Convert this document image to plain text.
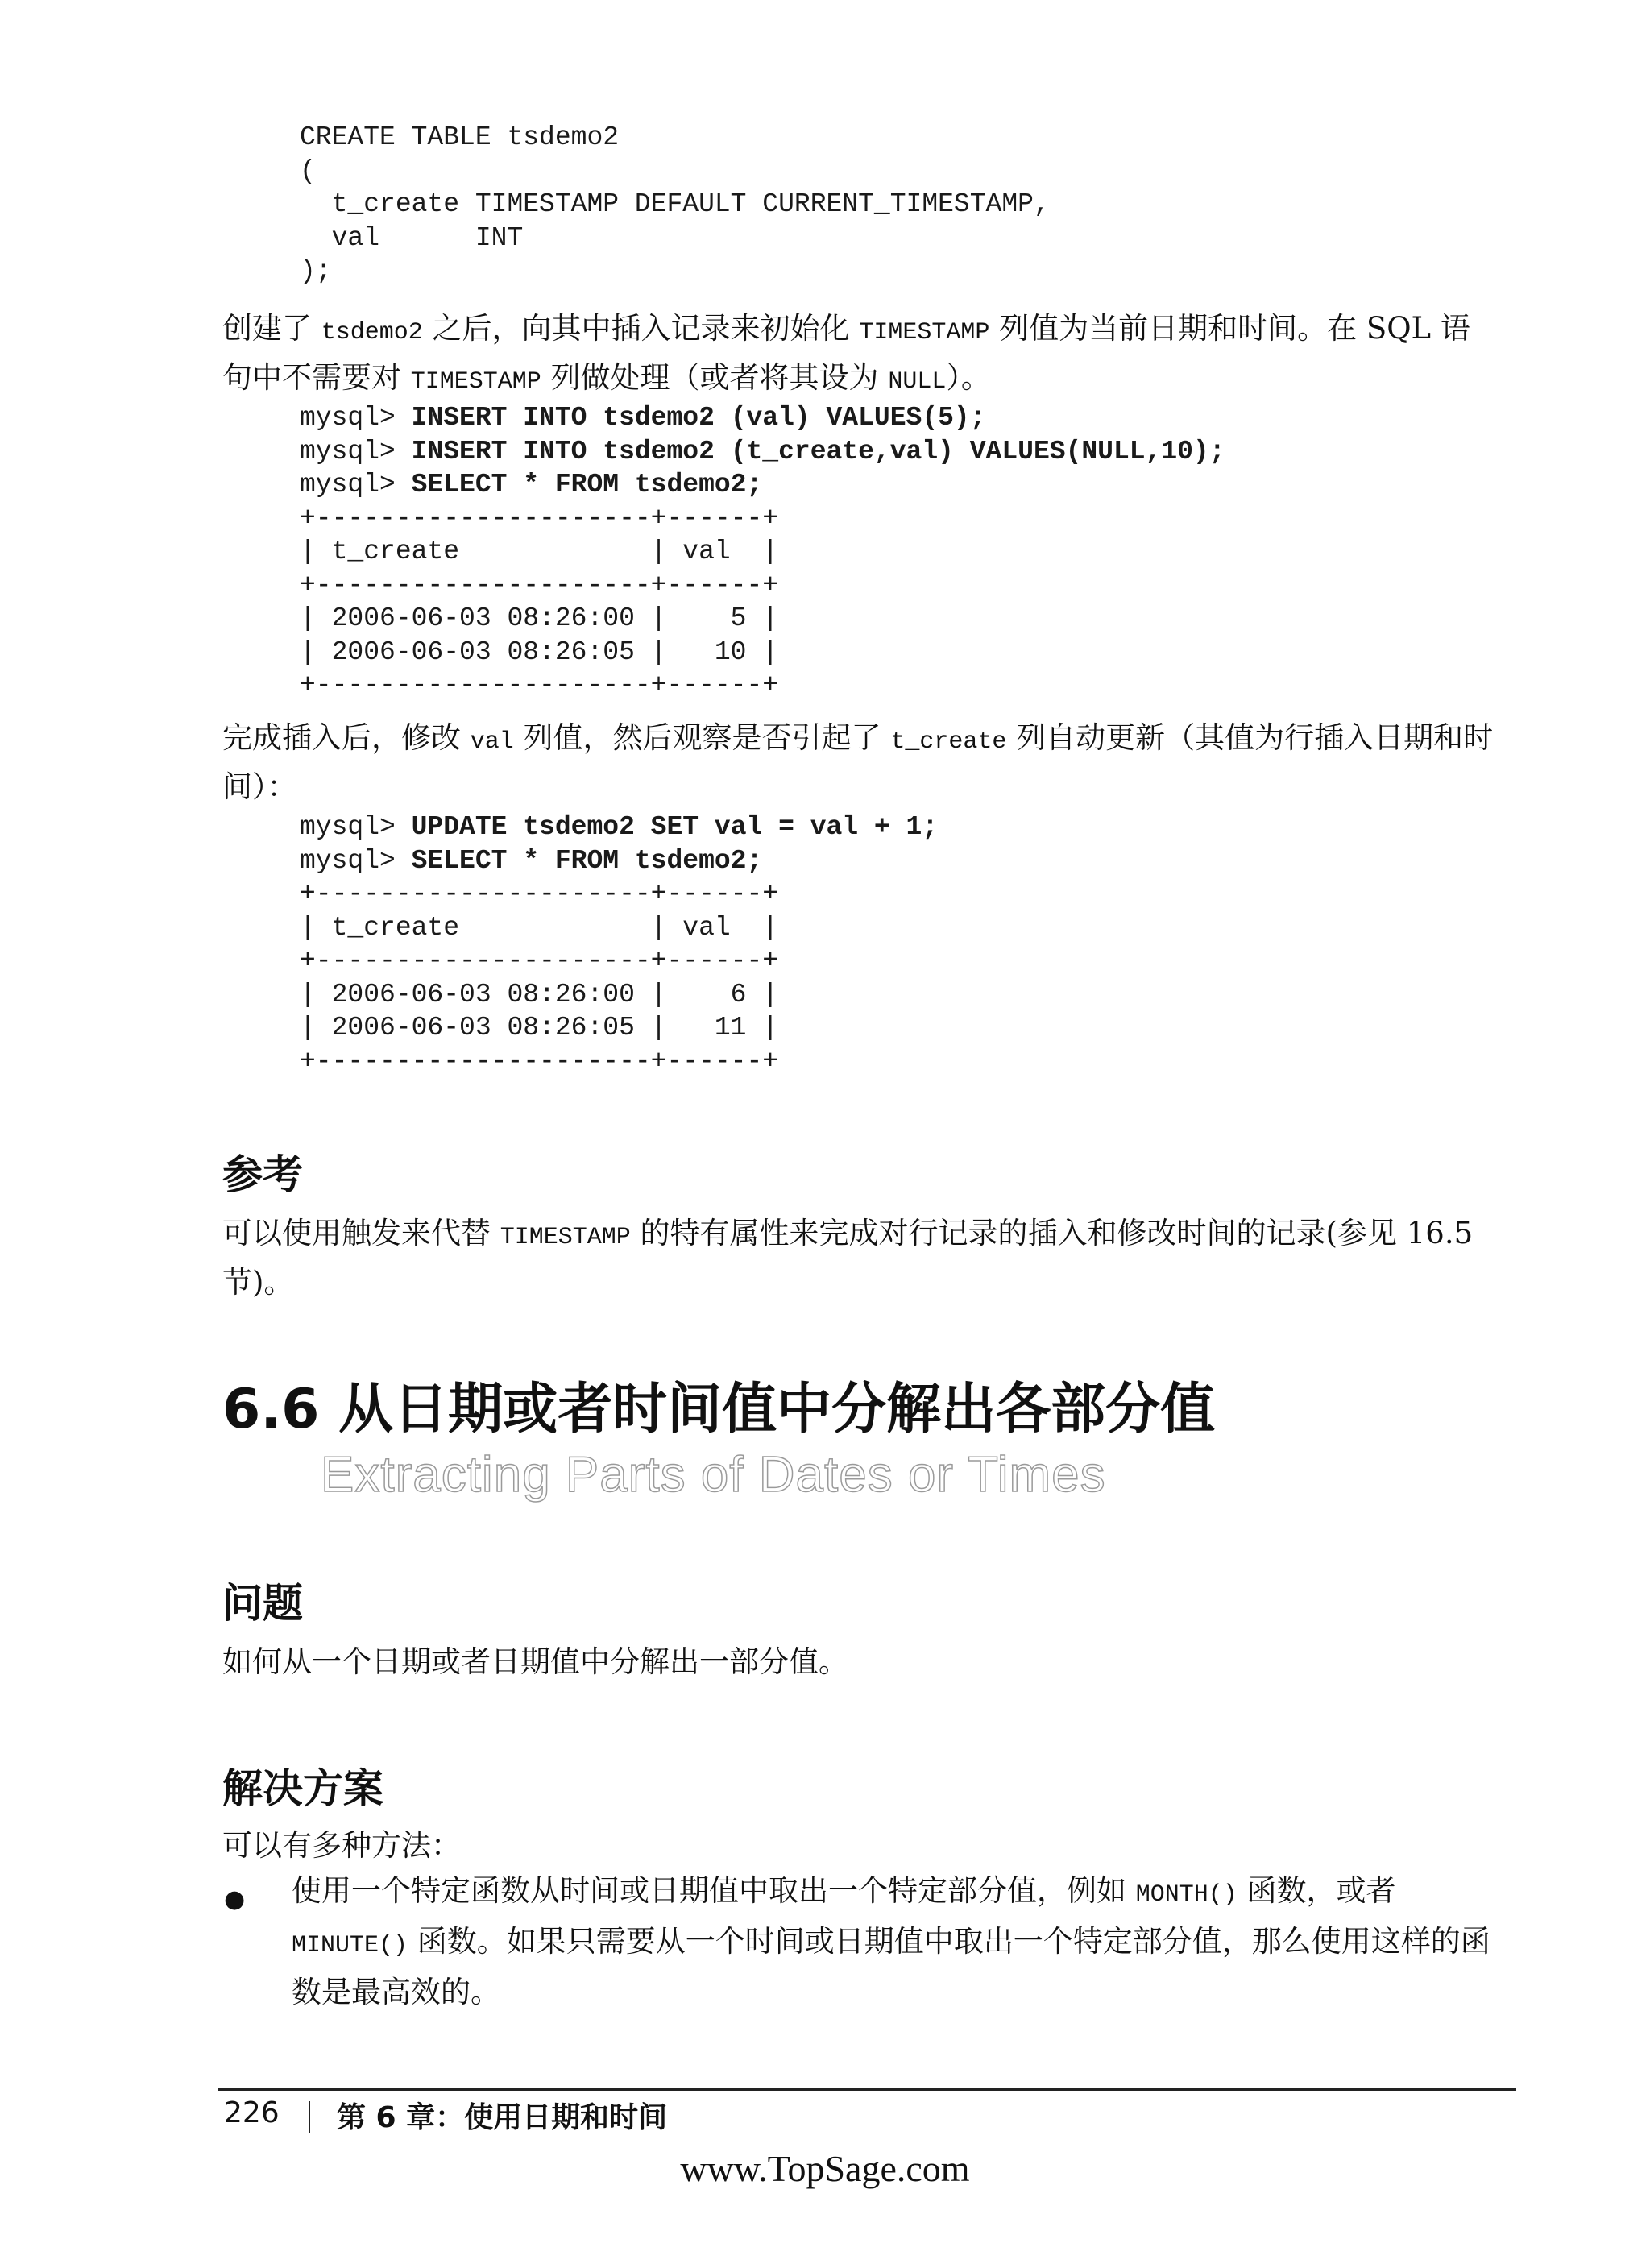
CREATE TABLE tsdemo2
(
t_create TIMESTAMP DEFAULT CURRENT_TIMESTAMP,
val      INT
);

创建了 tsdemo2 之后，向其中插入记录来初始化 TIMESTAMP 列值为当前日期和时间。在 SQL 语句中不需要对 TIMESTAMP 列做处理（或者将其设为 NULL）。

mysql> INSERT INTO tsdemo2 (val) VALUES(5);
mysql> INSERT INTO tsdemo2 (t_create,val) VALUES(NULL,10);
mysql> SELECT * FROM tsdemo2;
+---------------------+------+
| t_create            | val  |
+---------------------+------+
| 2006-06-03 08:26:00 |    5 |
| 2006-06-03 08:26:05 |   10 |
+---------------------+------+

完成插入后，修改 val 列值，然后观察是否引起了 t_create 列自动更新（其值为行插入日期和时间）：

mysql> UPDATE tsdemo2 SET val = val + 1;
mysql> SELECT * FROM tsdemo2;
+---------------------+------+
| t_create            | val  |
+---------------------+------+
| 2006-06-03 08:26:00 |    6 |
| 2006-06-03 08:26:05 |   11 |
+---------------------+------+
参考

可以使用触发来代替 TIMESTAMP 的特有属性来完成对行记录的插入和修改时间的记录(参见 16.5 节)。

6.6 从日期或者时间值中分解出各部分值
Extracting Parts of Dates or Times
问题

如何从一个日期或者日期值中分解出一部分值。

解决方案

可以有多种方法：

● 使用一个特定函数从时间或日期值中取出一个特定部分值，例如 MONTH() 函数，或者 MINUTE() 函数。如果只需要从一个时间或日期值中取出一个特定部分值，那么使用这样的函数是最高效的。

226 第 6 章：使用日期和时间
www.TopSage.com
